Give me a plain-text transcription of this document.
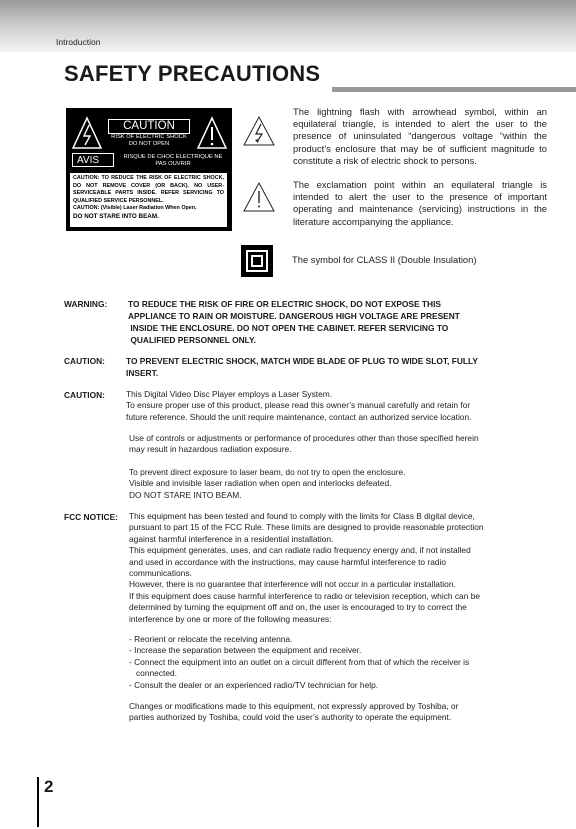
Introduction
SAFETY PRECAUTIONS
CAUTION
RISK OF ELECTRIC SHOCK
DO NOT OPEN
AVIS	RISQUE DE CHOC ELECTRIQUE NE
PAS OUVRIR
CAUTION: TO REDUCE THE RISK OF ELECTRIC SHOCK, DO NOT REMOVE COVER (OR BACK). NO USER-SERVICEABLE PARTS INSIDE. REFER SERVICING TO QUALIFIED SERVICE PERSONNEL.
CAUTION: (Visible) Laser Radiation When Open.
DO NOT STARE INTO BEAM.
The lightning flash with arrowhead symbol, within an equilateral triangle, is intended to alert the user to the presence of uninsulated “dangerous voltage “within the product’s enclosure that may be of sufficient magnitude to constitute a risk of electric shock to persons.
The exclamation point within an equilateral triangle is intended to alert the user to the presence of important operating and maintenance (servicing) instructions in the literature accompanying the appliance.
The symbol for CLASS II (Double Insulation)
WARNING: TO REDUCE THE RISK OF FIRE OR ELECTRIC SHOCK, DO NOT EXPOSE THIS
APPLIANCE TO RAIN OR MOISTURE. DANGEROUS HIGH VOLTAGE ARE PRESENT
INSIDE THE ENCLOSURE. DO NOT OPEN THE CABINET. REFER SERVICING TO
QUALIFIED PERSONNEL ONLY.
CAUTION:	TO PREVENT ELECTRIC SHOCK, MATCH WIDE BLADE OF PLUG TO WIDE SLOT, FULLY
INSERT.
CAUTION:	This Digital Video Disc Player employs a Laser System.
To ensure proper use of this product, please read this owner’s manual carefully and retain for
future reference. Should the unit require maintenance, contact an authorized service location.
Use of controls or adjustments or performance of procedures other than those specified herein
may result in hazardous radiation exposure.
To prevent direct exposure to laser beam, do not try to open the enclosure.
Visible and invisible laser radiation when open and interlocks defeated.
DO NOT STARE INTO BEAM.
FCC NOTICE: This equipment has been tested and found to comply with the limits for Class B digital device,
pursuant to part 15 of the FCC Rule. These limits are designed to provide reasonable protection
against harmful interference in a residential installation.
This equipment generates, uses, and can radiate radio frequency energy and, if not installed
and used in accordance with the instructions, may cause harmful interference to radio
communications.
However, there is no guarantee that interference will not occur in a particular installation.
If this equipment does cause harmful interference to radio or television reception, which can be
determined by turning the equipment off and on, the user is encouraged to try to correct the
interference by one or more of the following measures:
- Reorient or relocate the receiving antenna.
- Increase the separation between the equipment and receiver.
- Connect the equipment into an outlet on a circuit different from that of which the receiver is
connected.
- Consult the dealer or an experienced radio/TV technician for help.
Changes or modifications made to this equipment, not expressly approved by Toshiba, or
parties authorized by Toshiba, could void the user’s authority to operate the equipment.
2
